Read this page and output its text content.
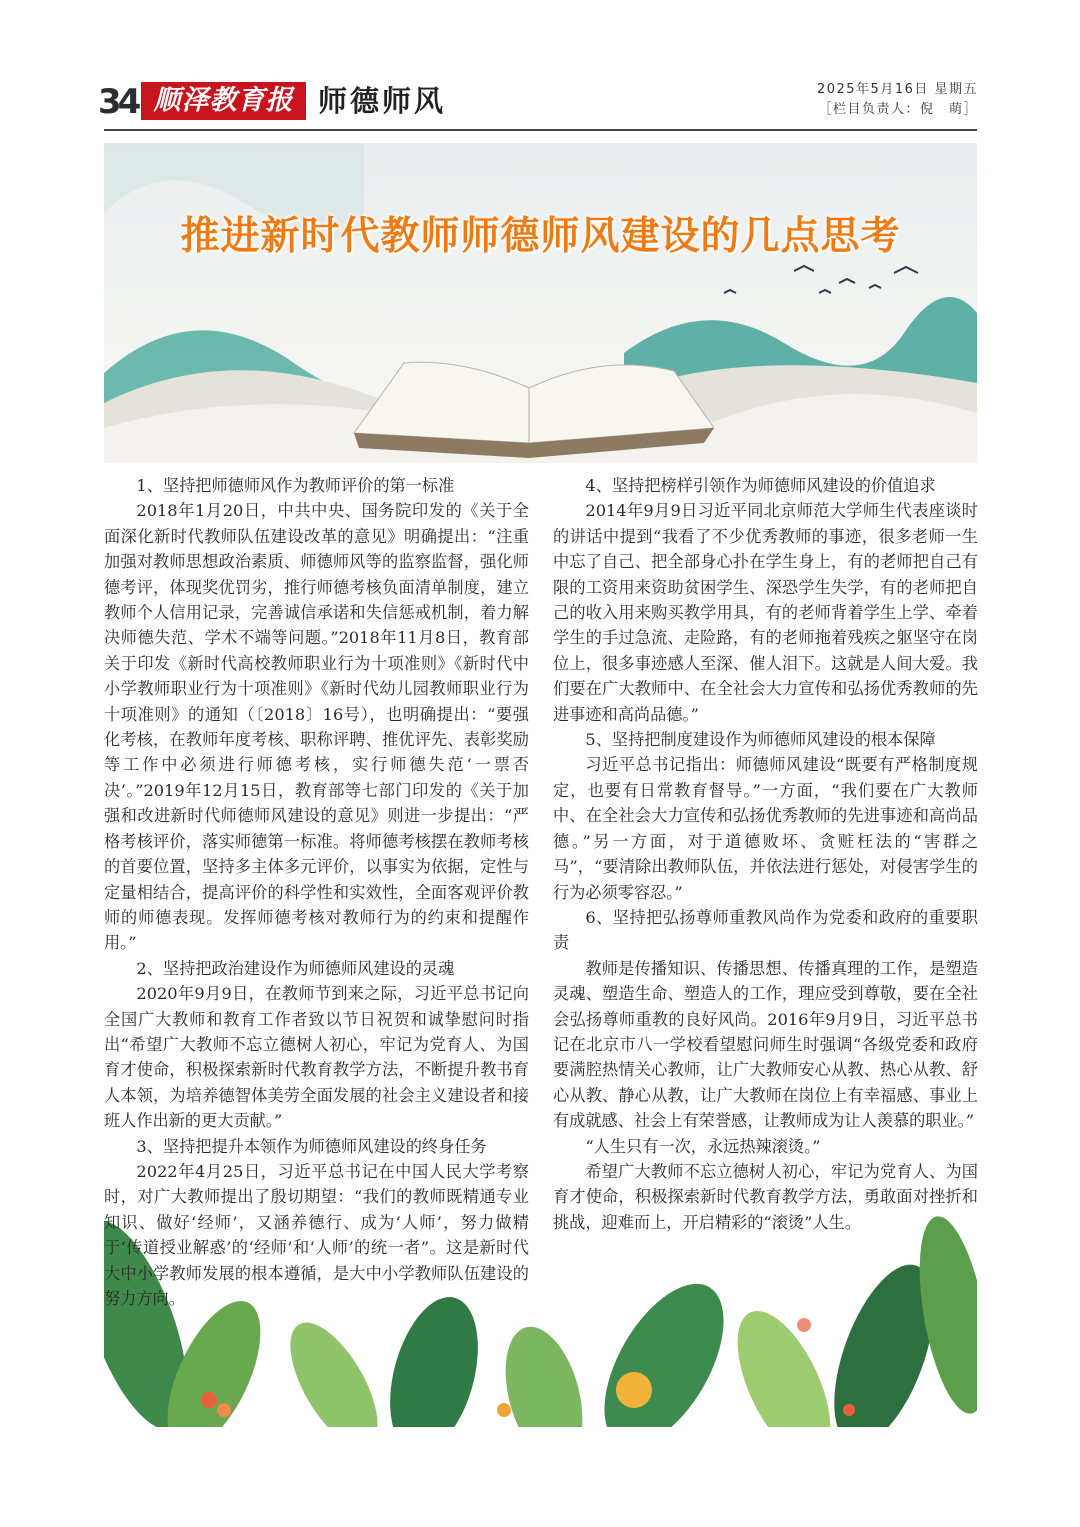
34 顺泽教育报 师德师风	2025年5月16日 星期五
［栏目负责人：倪　萌］
推进新时代教师师德师风建设的几点思考

1、坚持把师德师风作为教师评价的第一标准

2018年1月20日，中共中央、国务院印发的《关于全面深化新时代教师队伍建设改革的意见》明确提出：“注重加强对教师思想政治素质、师德师风等的监察监督，强化师德考评，体现奖优罚劣，推行师德考核负面清单制度，建立教师个人信用记录，完善诚信承诺和失信惩戒机制，着力解决师德失范、学术不端等问题。”2018年11月8日，教育部关于印发《新时代高校教师职业行为十项准则》《新时代中小学教师职业行为十项准则》《新时代幼儿园教师职业行为十项准则》的通知（〔2018〕16号），也明确提出：“要强化考核，在教师年度考核、职称评聘、推优评先、表彰奖励等工作中必须进行师德考核，实行师德失范‘一票否决’。”2019年12月15日，教育部等七部门印发的《关于加强和改进新时代师德师风建设的意见》则进一步提出：“严格考核评价，落实师德第一标准。将师德考核摆在教师考核的首要位置，坚持多主体多元评价，以事实为依据，定性与定量相结合，提高评价的科学性和实效性，全面客观评价教师的师德表现。发挥师德考核对教师行为的约束和提醒作用。”

2、坚持把政治建设作为师德师风建设的灵魂

2020年9月9日，在教师节到来之际，习近平总书记向全国广大教师和教育工作者致以节日祝贺和诚挚慰问时指出“希望广大教师不忘立德树人初心，牢记为党育人、为国育才使命，积极探索新时代教育教学方法，不断提升教书育人本领，为培养德智体美劳全面发展的社会主义建设者和接班人作出新的更大贡献。”

3、坚持把提升本领作为师德师风建设的终身任务

2022年4月25日，习近平总书记在中国人民大学考察时，对广大教师提出了殷切期望：“我们的教师既精通专业知识、做好‘经师’，又涵养德行、成为‘人师’，努力做精于‘传道授业解惑’的‘经师’和‘人师’的统一者”。这是新时代大中小学教师发展的根本遵循，是大中小学教师队伍建设的努力方向。

4、坚持把榜样引领作为师德师风建设的价值追求

2014年9月9日习近平同北京师范大学师生代表座谈时的讲话中提到“我看了不少优秀教师的事迹，很多老师一生中忘了自己、把全部身心扑在学生身上，有的老师把自己有限的工资用来资助贫困学生、深恐学生失学，有的老师把自己的收入用来购买教学用具，有的老师背着学生上学、牵着学生的手过急流、走险路，有的老师拖着残疾之躯坚守在岗位上，很多事迹感人至深、催人泪下。这就是人间大爱。我们要在广大教师中、在全社会大力宣传和弘扬优秀教师的先进事迹和高尚品德。”

5、坚持把制度建设作为师德师风建设的根本保障

习近平总书记指出：师德师风建设“既要有严格制度规定，也要有日常教育督导。”一方面，“我们要在广大教师中、在全社会大力宣传和弘扬优秀教师的先进事迹和高尚品德。”另一方面，对于道德败坏、贪赃枉法的“害群之马”，“要清除出教师队伍，并依法进行惩处，对侵害学生的行为必须零容忍。”

6、坚持把弘扬尊师重教风尚作为党委和政府的重要职责

教师是传播知识、传播思想、传播真理的工作，是塑造灵魂、塑造生命、塑造人的工作，理应受到尊敬，要在全社会弘扬尊师重教的良好风尚。2016年9月9日，习近平总书记在北京市八一学校看望慰问师生时强调“各级党委和政府要满腔热情关心教师，让广大教师安心从教、热心从教、舒心从教、静心从教，让广大教师在岗位上有幸福感、事业上有成就感、社会上有荣誉感，让教师成为让人羡慕的职业。”

“人生只有一次，永远热辣滚烫。”

希望广大教师不忘立德树人初心，牢记为党育人、为国育才使命，积极探索新时代教育教学方法，勇敢面对挫折和挑战，迎难而上，开启精彩的“滚烫”人生。
